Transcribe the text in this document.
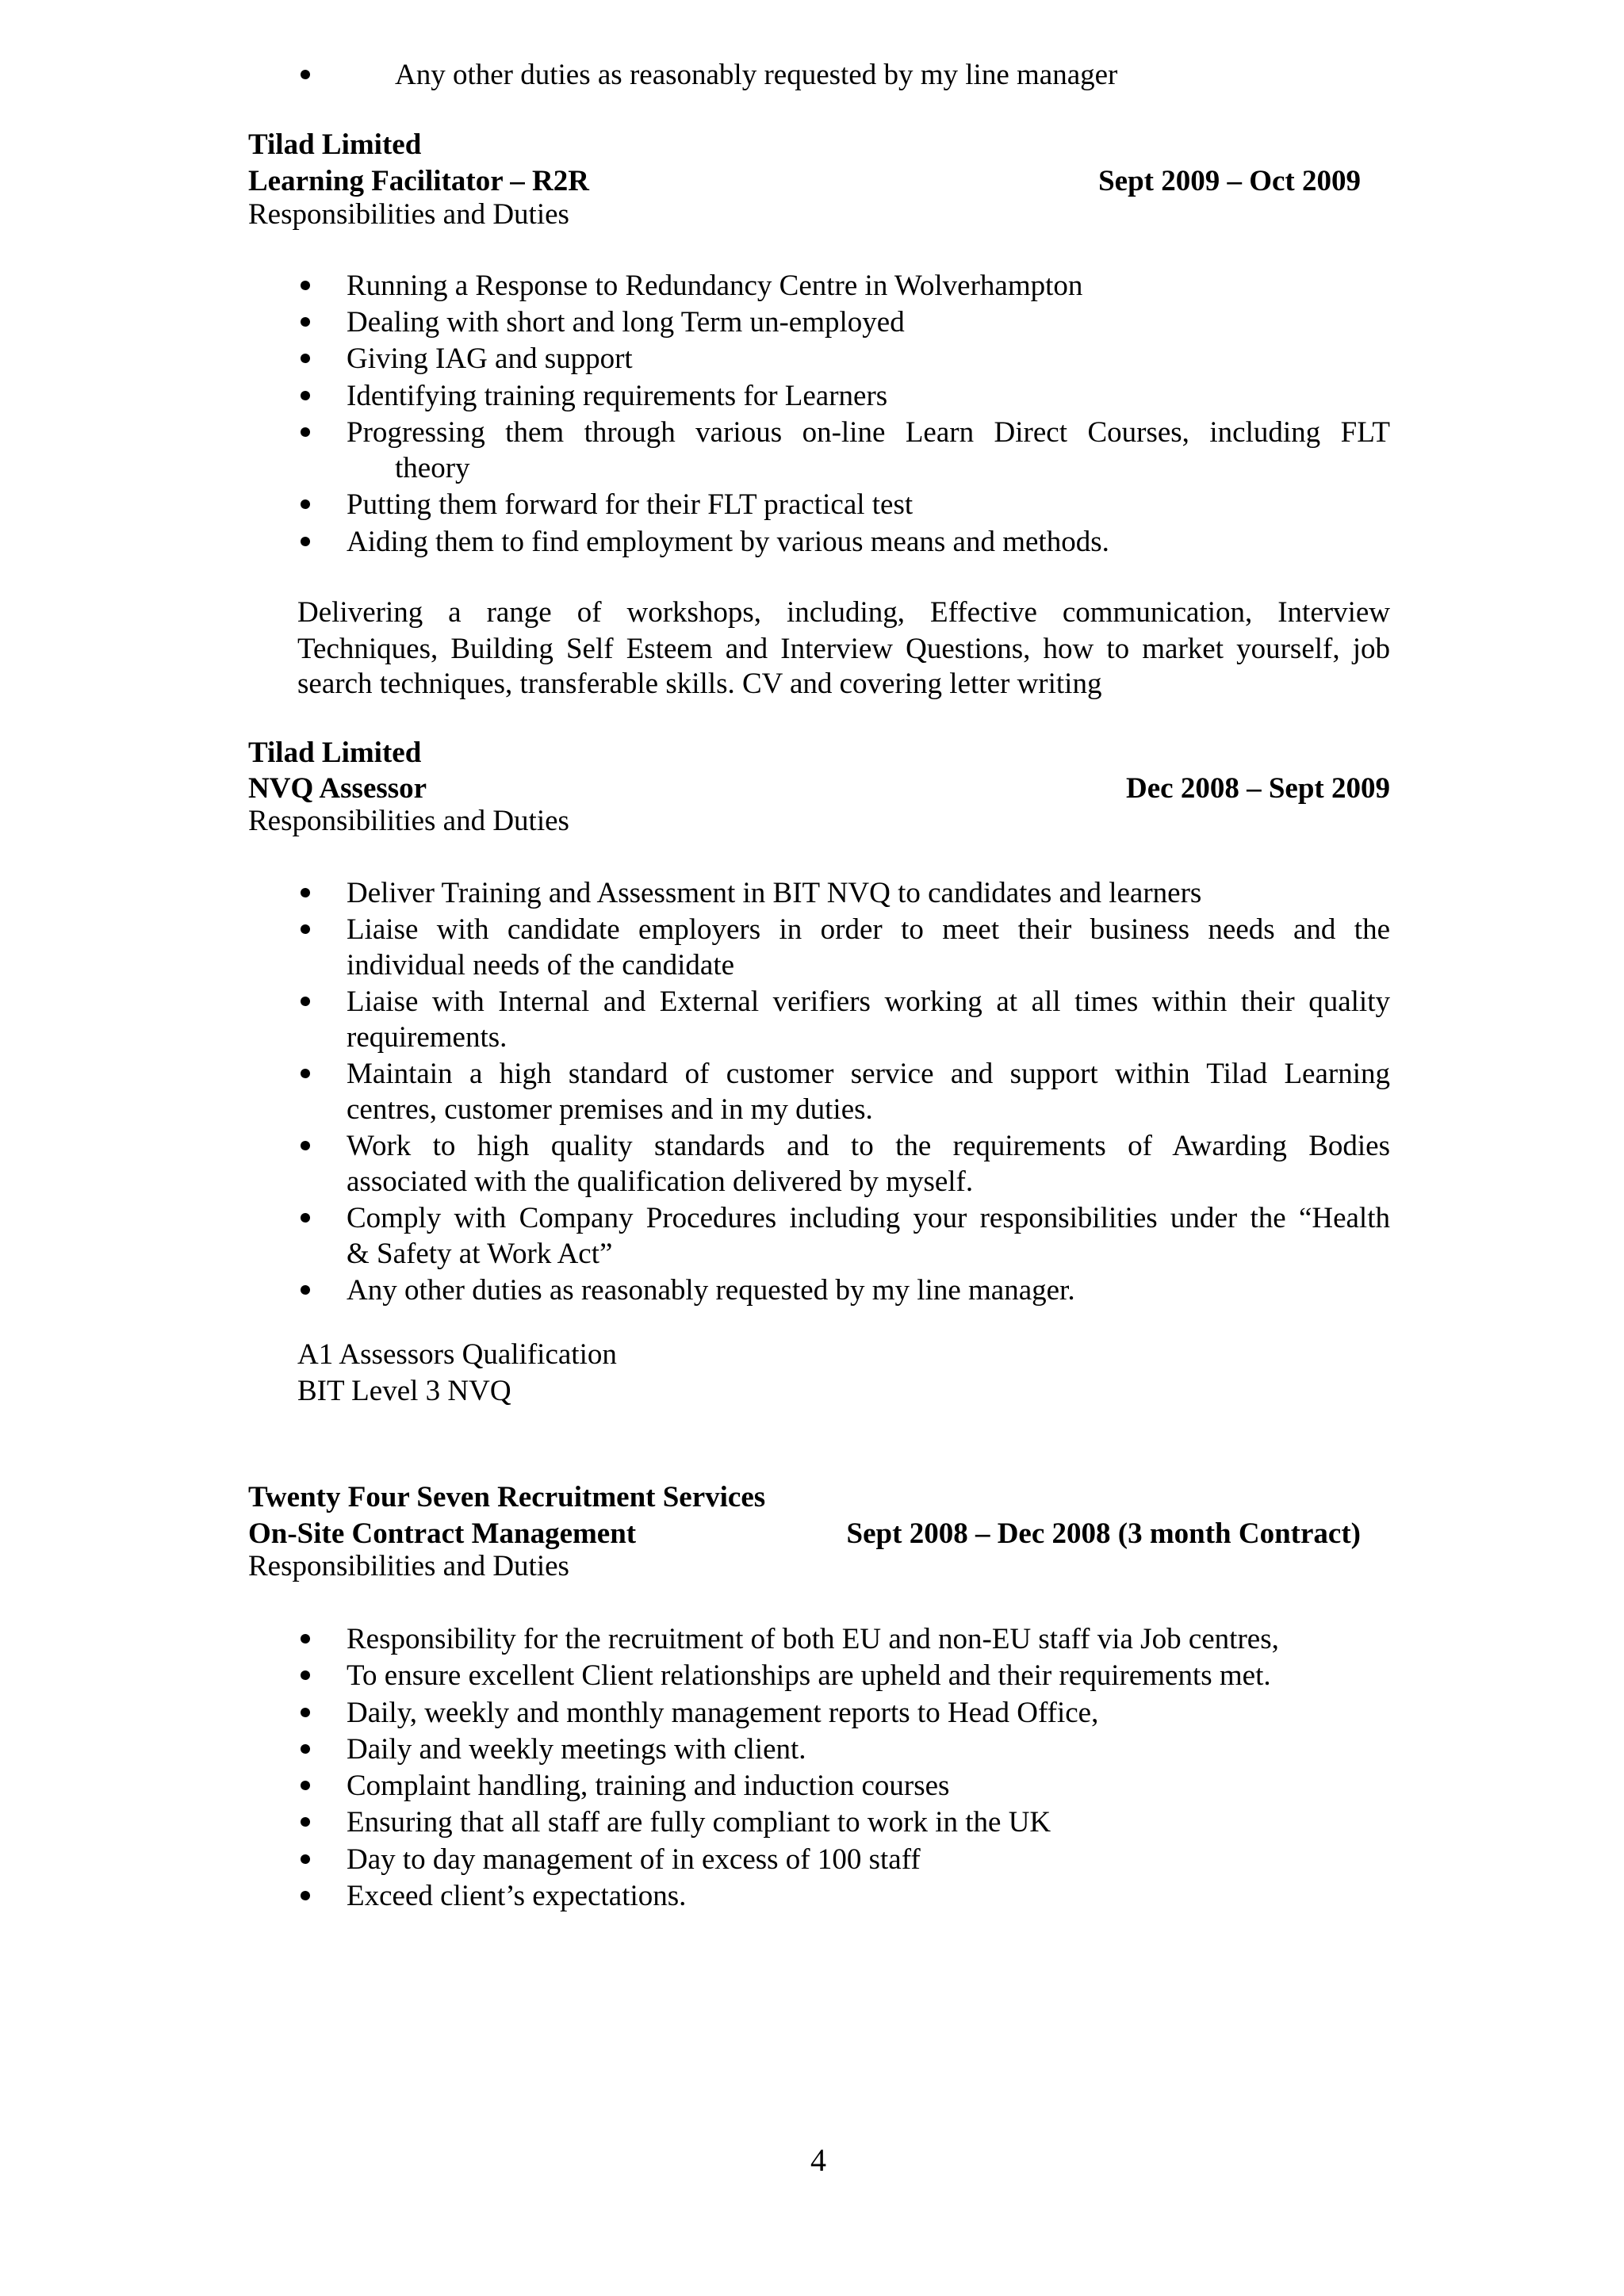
Any other duties as reasonably requested by my line manager
Tilad Limited
Learning Facilitator – R2R	Sept 2009 – Oct 2009
Responsibilities and Duties
Running a Response to Redundancy Centre in Wolverhampton
Dealing with short and long Term un-employed
Giving IAG and support
Identifying training requirements for Learners
Progressing them through various on-line Learn Direct Courses, including FLT
theory
Putting them forward for their FLT practical test
Aiding them to find employment by various means and methods.
Delivering a range of workshops, including, Effective communication, Interview
Techniques, Building Self Esteem and Interview Questions, how to market yourself, job
search techniques, transferable skills. CV and covering letter writing
Tilad Limited
NVQ Assessor	Dec 2008 – Sept 2009
Responsibilities and Duties
Deliver Training and Assessment in BIT NVQ to candidates and learners
Liaise with candidate employers in order to meet their business needs and the
individual needs of the candidate
Liaise with Internal and External verifiers working at all times within their quality
requirements.
Maintain a high standard of customer service and support within Tilad Learning
centres, customer premises and in my duties.
Work to high quality standards and to the requirements of Awarding Bodies
associated with the qualification delivered by myself.
Comply with Company Procedures including your responsibilities under the “Health
& Safety at Work Act”
Any other duties as reasonably requested by my line manager.
A1 Assessors Qualification
BIT Level 3 NVQ
Twenty Four Seven Recruitment Services
On-Site Contract Management	Sept 2008 – Dec 2008 (3 month Contract)
Responsibilities and Duties
Responsibility for the recruitment of both EU and non-EU staff via Job centres,
To ensure excellent Client relationships are upheld and their requirements met.
Daily, weekly and monthly management reports to Head Office,
Daily and weekly meetings with client.
Complaint handling, training and induction courses
Ensuring that all staff are fully compliant to work in the UK
Day to day management of in excess of 100 staff
Exceed client’s expectations.
4
